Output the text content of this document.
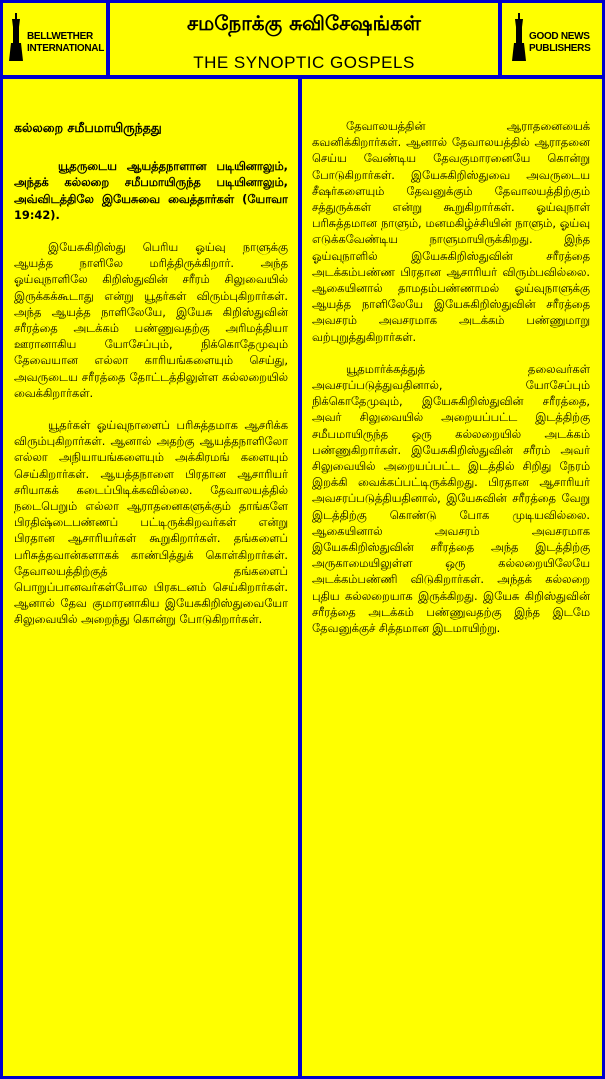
BELLWETHER
INTERNATIONAL
சமநோக்கு சுவிசேஷங்கள்
THE SYNOPTIC GOSPELS
GOOD NEWS
PUBLISHERS
கல்லறை சமீபமாயிருந்தது

யூதருடைய ஆயத்தநாளான படியினாலும், அந்தக் கல்லறை சமீபமாயிருந்த படியினாலும், அவ்விடத்திலே இயேசுவை வைத்தார்கள் (யோவா 19:42).

இயேசுகிறிஸ்து பெரிய ஓய்வு நாளுக்கு ஆயத்த நாளிலே மரித்திருக்கிறார். அந்த ஓய்வுநாளிலே கிறிஸ்துவின் சரீரம் சிலுவையில் இருக்கக்கூடாது என்று யூதர்கள் விரும்புகிறார்கள். அந்த ஆயத்த நாளிலேயே, இயேசு கிறிஸ்துவின் சரீரத்தை அடக்கம் பண்ணுவதற்கு அரிமத்தியா ஊரானாகிய யோசேப்பும், நிக்கொதேமுவும் தேவையான எல்லா காரியங்களையும் செய்து, அவருடைய சரீரத்தை தோட்டத்திலுள்ள கல்லறையில் வைக்கிறார்கள்.

யூதர்கள் ஓய்வுநாளைப் பரிசுத்தமாக ஆசரிக்க விரும்புகிறார்கள். ஆனால் அதற்கு ஆயத்தநாளிலோ எல்லா அநியாயங்களையும் அக்கிரமங் களையும் செய்கிறார்கள். ஆயத்தநாளை பிரதான ஆசாரியர் சரியாகக் கடைப்பிடிக்கவில்லை. தேவாலயத்தில் நடைபெறும் எல்லா ஆராதனைகளுக்கும் தாங்களே பிரதிஷ்டைபண்ணப் பட்டிருக்கிறவர்கள் என்று பிரதான ஆசாரியர்கள் கூறுகிறார்கள். தங்களைப் பரிசுத்தவான்களாகக் காண்பித்துக் கொள்கிறார்கள். தேவாலயத்திற்குத் தங்களைப் பொறுப்பானவர்கள்போல பிரகடனம் செய்கிறார்கள். ஆனால் தேவ குமாரனாகிய இயேசுகிறிஸ்துவையோ சிலுவையில் அறைந்து கொன்று போடுகிறார்கள்.

தேவாலயத்தின் ஆராதனையைக் கவனிக்கிறார்கள். ஆனால் தேவாலயத்தில் ஆராதனை செய்ய வேண்டிய தேவகுமாரனையே கொன்று போடுகிறார்கள். இயேசுகிறிஸ்துவை அவருடைய சீஷர்களையும் தேவனுக்கும் தேவாலயத்திற்கும் சத்துருக்கள் என்று கூறுகிறார்கள். ஓய்வுநாள் பரிசுத்தமான நாளும், மனமகிழ்ச்சியின் நாளும், ஓய்வு எடுக்கவேண்டிய நாளுமாயிருக்கிறது. இந்த ஓய்வுநாளில் இயேசுகிறிஸ்துவின் சரீரத்தை அடக்கம்பண்ண பிரதான ஆசாரியர் விரும்பவில்லை. ஆகையினால் தாமதம்பண்ணாமல் ஓய்வுநாளுக்கு ஆயத்த நாளிலேயே இயேசுகிறிஸ்துவின் சரீரத்தை அவசரம் அவசரமாக அடக்கம் பண்ணுமாறு வற்புறுத்துகிறார்கள்.

யூதமார்க்கத்துத் தலைவர்கள் அவசரப்படுத்துவதினால், யோசேப்பும் நிக்கொதேமுவும், இயேசுகிறிஸ்துவின் சரீரத்தை, அவர் சிலுவையில் அறையப்பட்ட இடத்திற்கு சமீபமாயிருந்த ஒரு கல்லறையில் அடக்கம் பண்ணுகிறார்கள். இயேசுகிறிஸ்துவின் சரீரம் அவர் சிலுவையில் அறையப்பட்ட இடத்தில் சிறிது நேரம் இறக்கி வைக்கப்பட்டிருக்கிறது. பிரதான ஆசாரியர் அவசரப்படுத்தியதினால், இயேசுவின் சரீரத்தை வேறு இடத்திற்கு கொண்டு போக முடியவில்லை. ஆகையினால் அவசரம் அவசரமாக இயேசுகிறிஸ்துவின் சரீரத்தை அந்த இடத்திற்கு அருகாமையிலுள்ள ஒரு கல்லறையிலேயே அடக்கம்பண்ணி விடுகிறார்கள். அந்தக் கல்லறை புதிய கல்லறையாக இருக்கிறது. இயேசு கிறிஸ்துவின் சரீரத்தை அடக்கம் பண்ணுவதற்கு இந்த இடமே தேவனுக்குச் சித்தமான இடமாயிற்று.
